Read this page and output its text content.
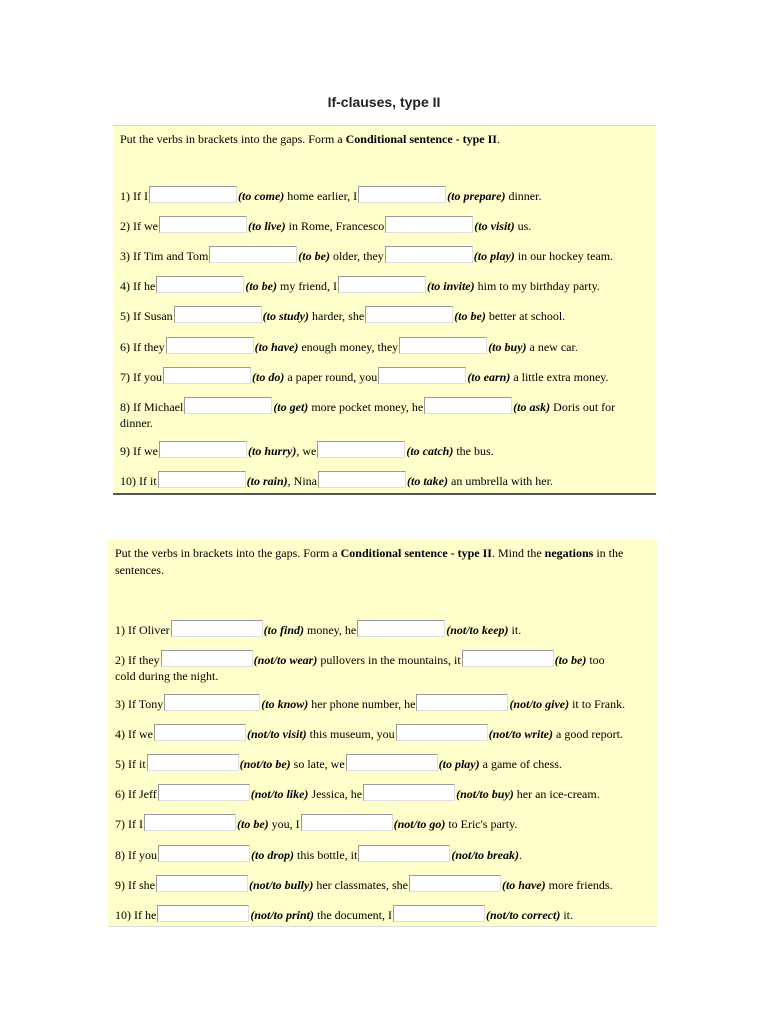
If-clauses, type II
Put the verbs in brackets into the gaps. Form a Conditional sentence - type II.
1) If I	(to come) home earlier, I	(to prepare) dinner.
2) If we	(to live) in Rome, Francesco	(to visit) us.
3) If Tim and Tom	(to be) older, they	(to play) in our hockey team.
4) If he	(to be) my friend, I	(to invite) him to my birthday party.
5) If Susan	(to study) harder, she	(to be) better at school.
6) If they	(to have) enough money, they	(to buy) a new car.
7) If you	(to do) a paper round, you	(to earn) a little extra money.
8) If Michael	(to get) more pocket money, he	(to ask) Doris out for
dinner.
9) If we	(to hurry), we	(to catch) the bus.
10) If it	(to rain), Nina	(to take) an umbrella with her.
Put the verbs in brackets into the gaps. Form a Conditional sentence - type II. Mind the negations in the sentences.
1) If Oliver	(to find) money, he	(not/to keep) it.
2) If they	(not/to wear) pullovers in the mountains, it	(to be) too
cold during the night.
3) If Tony	(to know) her phone number, he	(not/to give) it to Frank.
4) If we	(not/to visit) this museum, you	(not/to write) a good report.
5) If it	(not/to be) so late, we	(to play) a game of chess.
6) If Jeff	(not/to like) Jessica, he	(not/to buy) her an ice-cream.
7) If I	(to be) you, I	(not/to go) to Eric's party.
8) If you	(to drop) this bottle, it	(not/to break).
9) If she	(not/to bully) her classmates, she	(to have) more friends.
10) If he	(not/to print) the document, I	(not/to correct) it.
